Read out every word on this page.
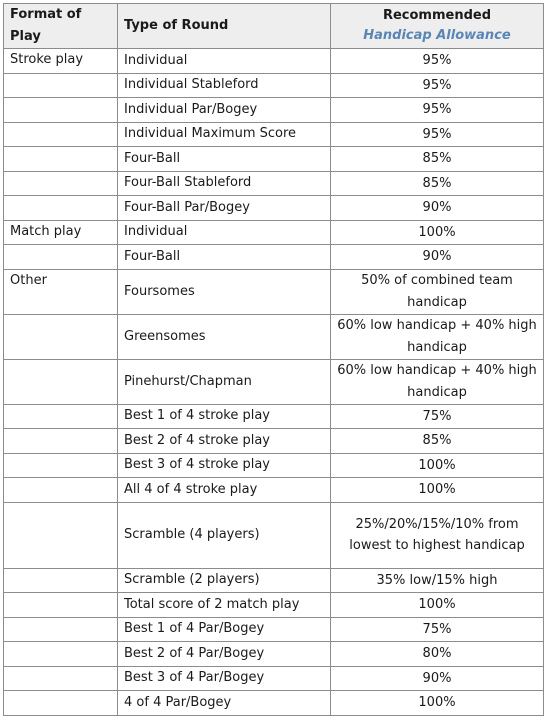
Format of Play	Type of Round	Recommended
Handicap Allowance

Stroke play	Individual	95%
	Individual Stableford	95%
	Individual Par/Bogey	95%
	Individual Maximum Score	95%
	Four-Ball	85%
	Four-Ball Stableford	85%
	Four-Ball Par/Bogey	90%
Match play	Individual	100%
	Four-Ball	90%
Other	Foursomes	50% of combined team handicap
	Greensomes	60% low handicap + 40% high handicap
	Pinehurst/Chapman	60% low handicap + 40% high handicap
	Best 1 of 4 stroke play	75%
	Best 2 of 4 stroke play	85%
	Best 3 of 4 stroke play	100%
	All 4 of 4 stroke play	100%
	Scramble (4 players)	25%/20%/15%/10% from lowest to highest handicap
	Scramble (2 players)	35% low/15% high
	Total score of 2 match play	100%
	Best 1 of 4 Par/Bogey	75%
	Best 2 of 4 Par/Bogey	80%
	Best 3 of 4 Par/Bogey	90%
	4 of 4 Par/Bogey	100%
